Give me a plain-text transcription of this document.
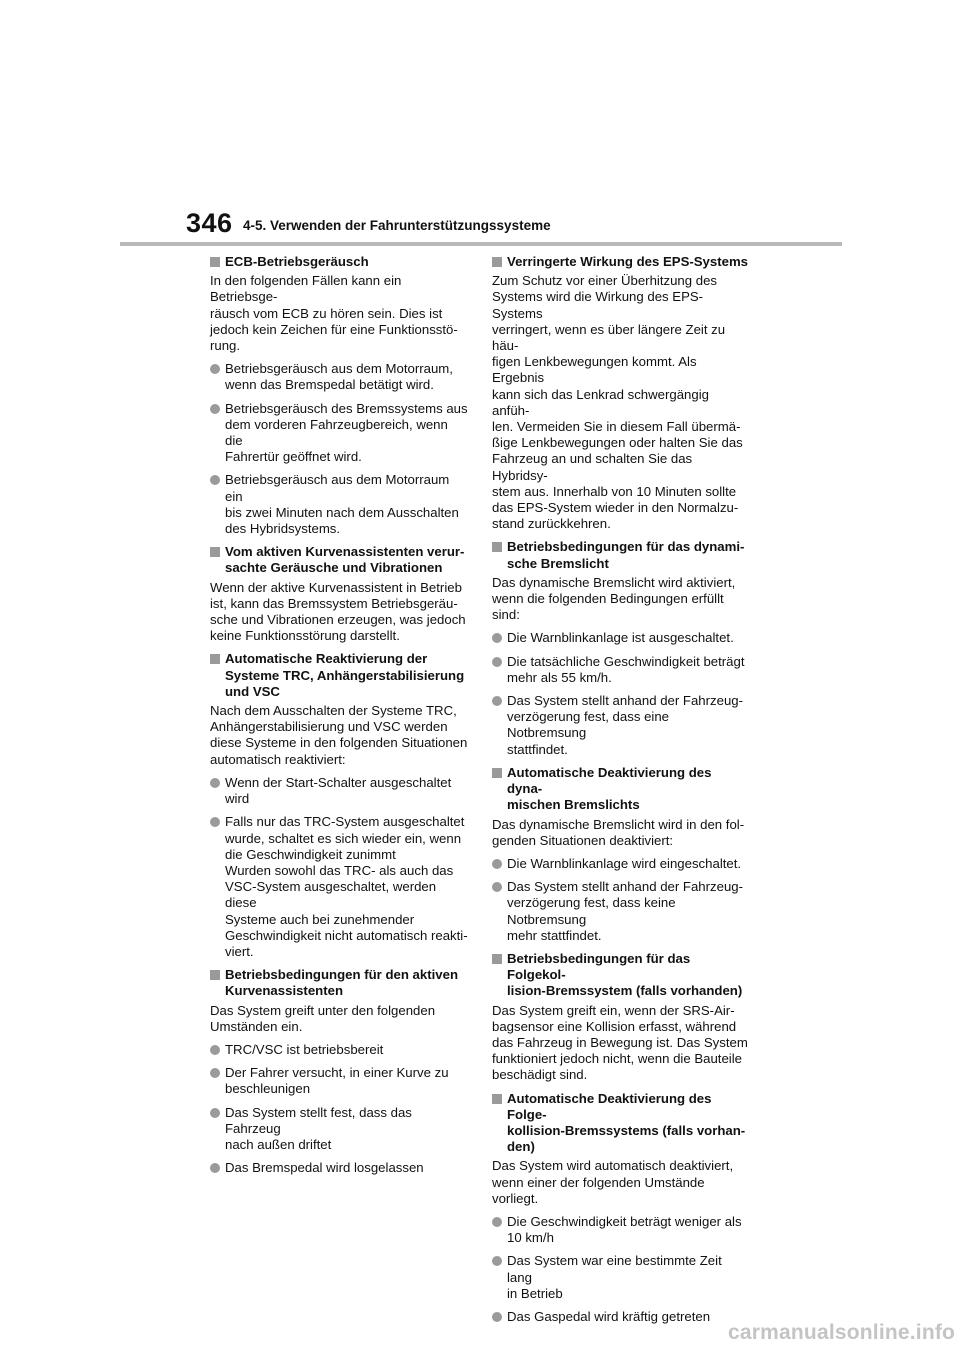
346 4-5. Verwenden der Fahrunterstützungssysteme
ECB-Betriebsgeräusch
In den folgenden Fällen kann ein Betriebsge-
räusch vom ECB zu hören sein. Dies ist
jedoch kein Zeichen für eine Funktionsstö-
rung.
Betriebsgeräusch aus dem Motorraum,
wenn das Bremspedal betätigt wird.
Betriebsgeräusch des Bremssystems aus
dem vorderen Fahrzeugbereich, wenn die
Fahrertür geöffnet wird.
Betriebsgeräusch aus dem Motorraum ein
bis zwei Minuten nach dem Ausschalten
des Hybridsystems.
Vom aktiven Kurvenassistenten verur-
sachte Geräusche und Vibrationen
Wenn der aktive Kurvenassistent in Betrieb
ist, kann das Bremssystem Betriebsgeräu-
sche und Vibrationen erzeugen, was jedoch
keine Funktionsstörung darstellt.
Automatische Reaktivierung der
Systeme TRC, Anhängerstabilisierung
und VSC
Nach dem Ausschalten der Systeme TRC,
Anhängerstabilisierung und VSC werden
diese Systeme in den folgenden Situationen
automatisch reaktiviert:
Wenn der Start-Schalter ausgeschaltet
wird
Falls nur das TRC-System ausgeschaltet
wurde, schaltet es sich wieder ein, wenn
die Geschwindigkeit zunimmt
Wurden sowohl das TRC- als auch das
VSC-System ausgeschaltet, werden diese
Systeme auch bei zunehmender
Geschwindigkeit nicht automatisch reakti-
viert.
Betriebsbedingungen für den aktiven
Kurvenassistenten
Das System greift unter den folgenden
Umständen ein.
TRC/VSC ist betriebsbereit
Der Fahrer versucht, in einer Kurve zu
beschleunigen
Das System stellt fest, dass das Fahrzeug
nach außen driftet
Das Bremspedal wird losgelassen
Verringerte Wirkung des EPS-Systems
Zum Schutz vor einer Überhitzung des
Systems wird die Wirkung des EPS-Systems
verringert, wenn es über längere Zeit zu häu-
figen Lenkbewegungen kommt. Als Ergebnis
kann sich das Lenkrad schwergängig anfüh-
len. Vermeiden Sie in diesem Fall übermä-
ßige Lenkbewegungen oder halten Sie das
Fahrzeug an und schalten Sie das Hybridsy-
stem aus. Innerhalb von 10 Minuten sollte
das EPS-System wieder in den Normalzu-
stand zurückkehren.
Betriebsbedingungen für das dynami-
sche Bremslicht
Das dynamische Bremslicht wird aktiviert,
wenn die folgenden Bedingungen erfüllt sind:
Die Warnblinkanlage ist ausgeschaltet.
Die tatsächliche Geschwindigkeit beträgt
mehr als 55 km/h.
Das System stellt anhand der Fahrzeug-
verzögerung fest, dass eine Notbremsung
stattfindet.
Automatische Deaktivierung des dyna-
mischen Bremslichts
Das dynamische Bremslicht wird in den fol-
genden Situationen deaktiviert:
Die Warnblinkanlage wird eingeschaltet.
Das System stellt anhand der Fahrzeug-
verzögerung fest, dass keine Notbremsung
mehr stattfindet.
Betriebsbedingungen für das Folgekol-
lision-Bremssystem (falls vorhanden)
Das System greift ein, wenn der SRS-Air-
bagsensor eine Kollision erfasst, während
das Fahrzeug in Bewegung ist. Das System
funktioniert jedoch nicht, wenn die Bauteile
beschädigt sind.
Automatische Deaktivierung des Folge-
kollision-Bremssystems (falls vorhan-
den)
Das System wird automatisch deaktiviert,
wenn einer der folgenden Umstände vorliegt.
Die Geschwindigkeit beträgt weniger als
10 km/h
Das System war eine bestimmte Zeit lang
in Betrieb
Das Gaspedal wird kräftig getreten
carmanualsonline.info
